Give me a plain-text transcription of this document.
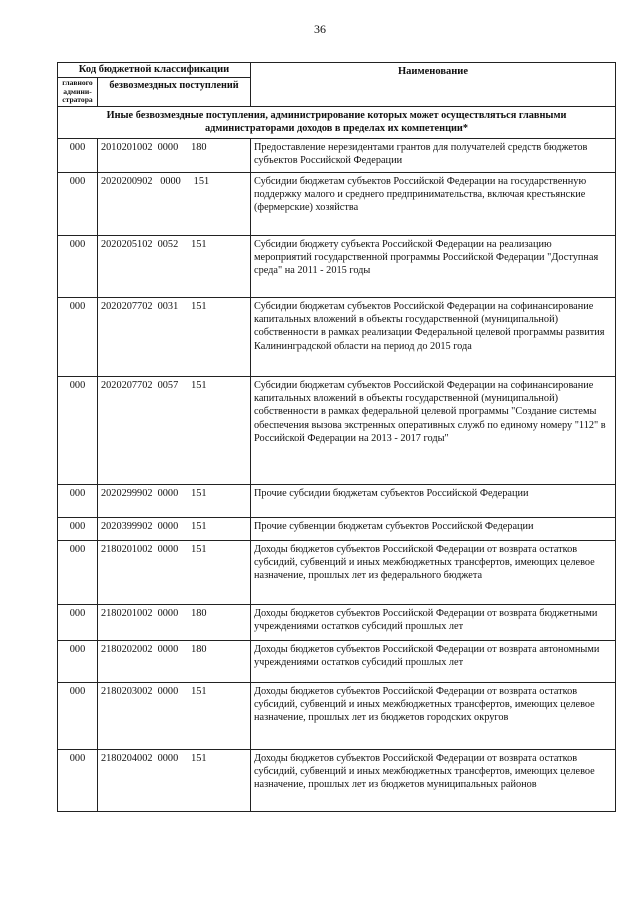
36
Код бюджетной классификации		Наименование
главного админи-стратора	безвозмездных поступлений	
Иные безвозмездные поступления, администрирование которых может осуществляться главными администраторами доходов в пределах их компетенции*		
000	2010201002  0000     180	Предоставление нерезидентами грантов для получателей средств бюджетов субъектов Российской Федерации
000	2020200902   0000     151	Субсидии бюджетам субъектов Российской Федерации на государственную поддержку малого и среднего предпринимательства, включая крестьянские (фермерские) хозяйства
000	2020205102  0052     151	Субсидии бюджету субъекта Российской Федерации на реализацию мероприятий государственной программы Российской Федерации "Доступная среда" на 2011 - 2015 годы
000	2020207702  0031     151	Субсидии бюджетам субъектов Российской Федерации на софинансирование капитальных вложений в объекты государственной (муниципальной) собственности в рамках реализации Федеральной целевой программы развития Калининградской области на период до 2015 года
000	2020207702  0057     151	Субсидии бюджетам субъектов Российской Федерации на софинансирование капитальных вложений в объекты государственной (муниципальной) собственности в рамках федеральной целевой программы "Создание системы обеспечения вызова экстренных оперативных служб по единому номеру "112" в Российской Федерации на 2013 - 2017 годы"
000	2020299902  0000     151	Прочие субсидии бюджетам субъектов Российской Федерации
000	2020399902  0000     151	Прочие субвенции бюджетам субъектов Российской Федерации
000	2180201002  0000     151	Доходы бюджетов субъектов Российской Федерации от возврата остатков субсидий, субвенций и иных межбюджетных трансфертов, имеющих целевое назначение, прошлых лет из федерального бюджета
000	2180201002  0000     180	Доходы бюджетов субъектов Российской Федерации от возврата бюджетными учреждениями остатков субсидий прошлых лет
000	2180202002  0000     180	Доходы бюджетов субъектов Российской Федерации от возврата автономными учреждениями остатков субсидий прошлых лет
000	2180203002  0000     151	Доходы бюджетов субъектов Российской Федерации от возврата остатков субсидий, субвенций и иных межбюджетных трансфертов, имеющих целевое назначение, прошлых лет из бюджетов городских округов
000	2180204002  0000     151	Доходы бюджетов субъектов Российской Федерации от возврата остатков субсидий, субвенций и иных межбюджетных трансфертов, имеющих целевое назначение, прошлых лет из бюджетов муниципальных районов
